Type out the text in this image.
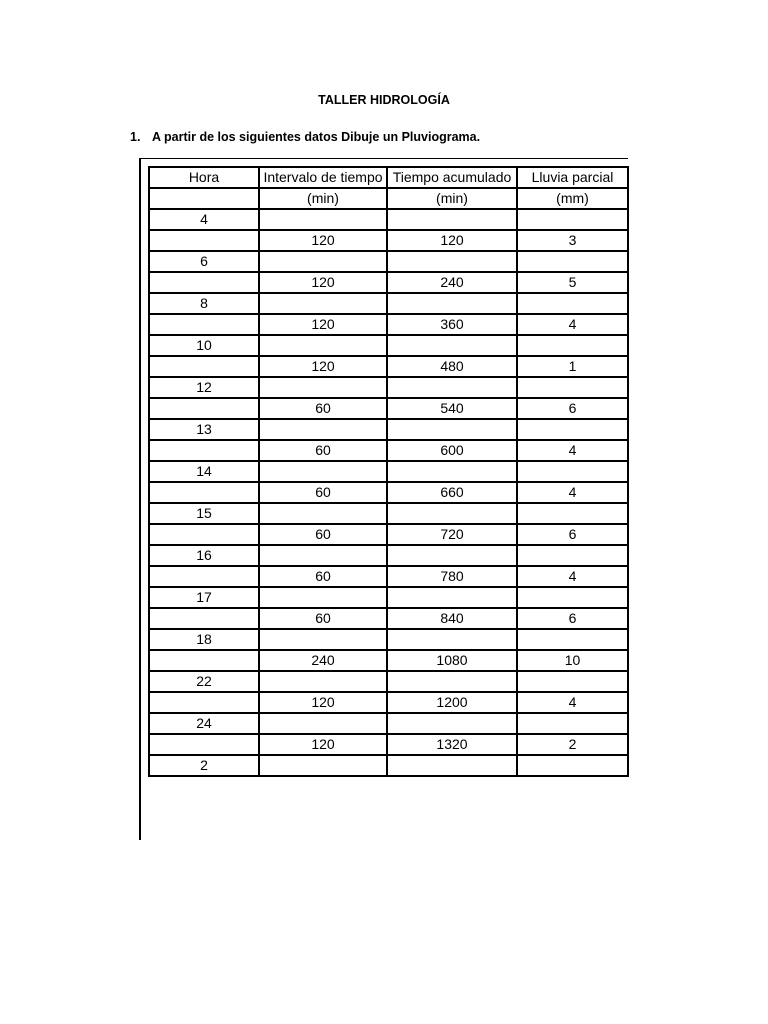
TALLER HIDROLOGÍA
1. A partir de los siguientes datos Dibuje un Pluviograma.
Hora	Intervalo de tiempo	Tiempo acumulado	Lluvia parcial
	(min)	(min)	(mm)
4			
	120	120	3
6			
	120	240	5
8			
	120	360	4
10			
	120	480	1
12			
	60	540	6
13			
	60	600	4
14			
	60	660	4
15			
	60	720	6
16			
	60	780	4
17			
	60	840	6
18			
	240	1080	10
22			
	120	1200	4
24			
	120	1320	2
2			
